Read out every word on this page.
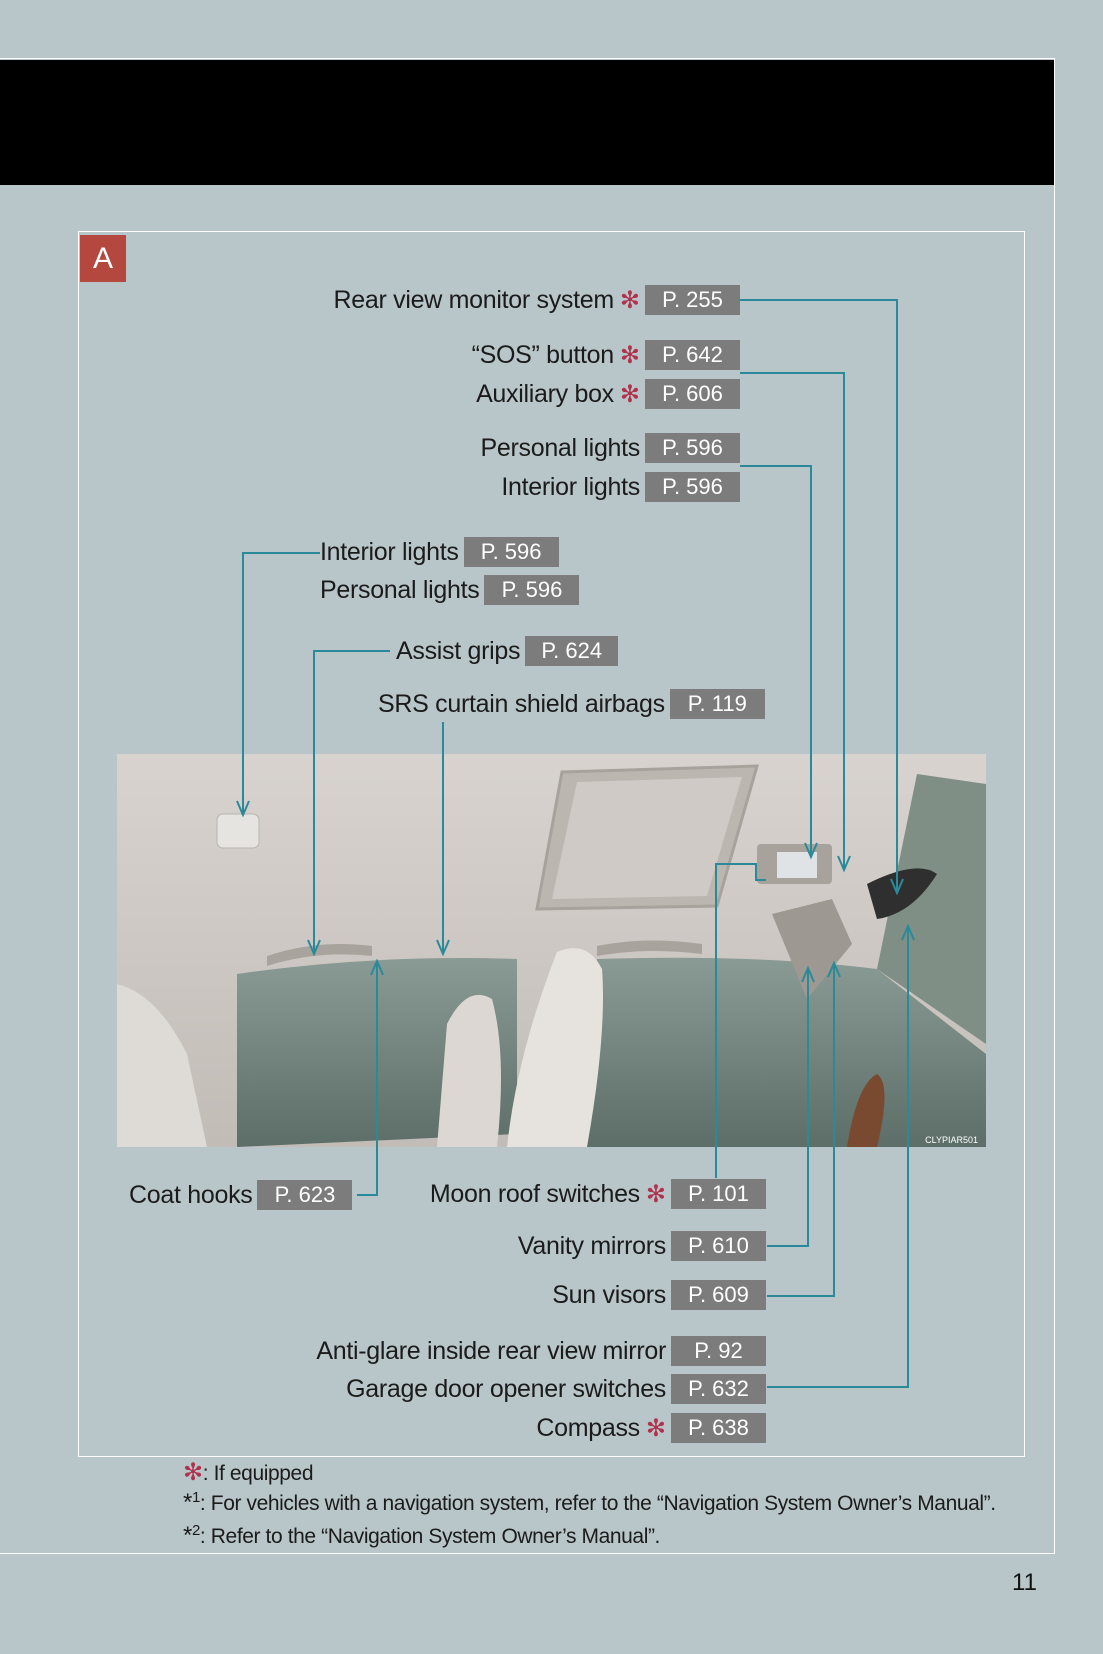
A
CLYPIAR501
Rear view monitor system ✻	P. 255
“SOS” button ✻	P. 642
Auxiliary box ✻	P. 606
Personal lights	P. 596
Interior lights	P. 596
Interior lights	P. 596
Personal lights	P. 596
Assist grips P. 624
SRS curtain shield airbags	P. 119
Coat hooks	P. 623	Moon roof switches ✻	P. 101
Vanity mirrors	P. 610
Sun visors	P. 609
Anti-glare inside rear view mirror	P. 92
Garage door opener switches	P. 632
Compass ✻	P. 638
✻: If equipped
*$^1$: For vehicles with a navigation system, refer to the “Navigation System Owner’s Manual”.
*$^2$: Refer to the “Navigation System Owner’s Manual”.
11
